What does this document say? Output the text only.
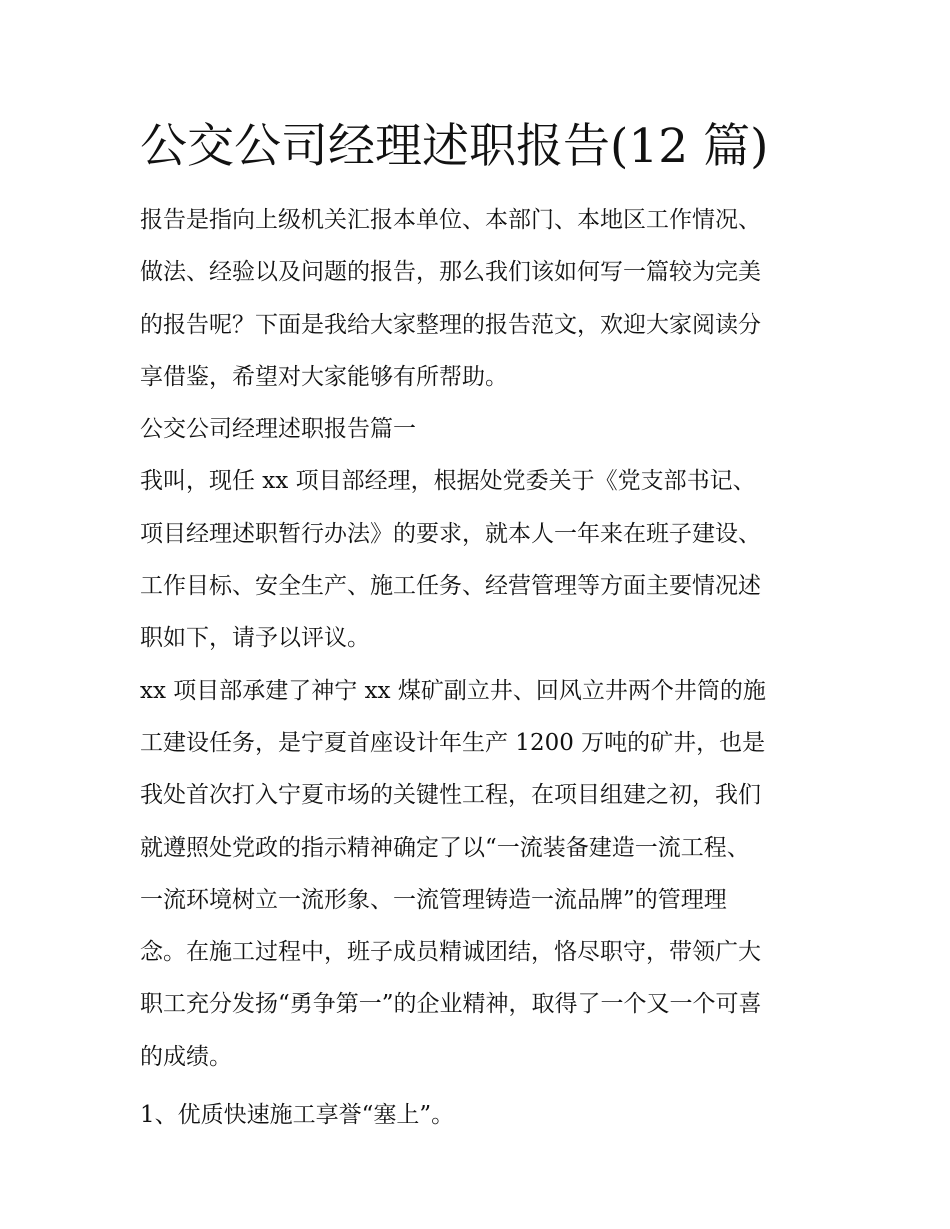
公交公司经理述职报告(12 篇)

报告是指向上级机关汇报本单位、本部门、本地区工作情况、

做法、经验以及问题的报告，那么我们该如何写一篇较为完美

的报告呢？下面是我给大家整理的报告范文，欢迎大家阅读分

享借鉴，希望对大家能够有所帮助。

公交公司经理述职报告篇一

我叫，现任 xx 项目部经理，根据处党委关于《党支部书记、

项目经理述职暂行办法》的要求，就本人一年来在班子建设、

工作目标、安全生产、施工任务、经营管理等方面主要情况述

职如下，请予以评议。

xx 项目部承建了神宁 xx 煤矿副立井、回风立井两个井筒的施

工建设任务，是宁夏首座设计年生产 1200 万吨的矿井，也是

我处首次打入宁夏市场的关键性工程，在项目组建之初，我们

就遵照处党政的指示精神确定了以“一流装备建造一流工程、

一流环境树立一流形象、一流管理铸造一流品牌”的管理理

念。在施工过程中，班子成员精诚团结，恪尽职守，带领广大

职工充分发扬“勇争第一”的企业精神，取得了一个又一个可喜

的成绩。

1、优质快速施工享誉“塞上”。
